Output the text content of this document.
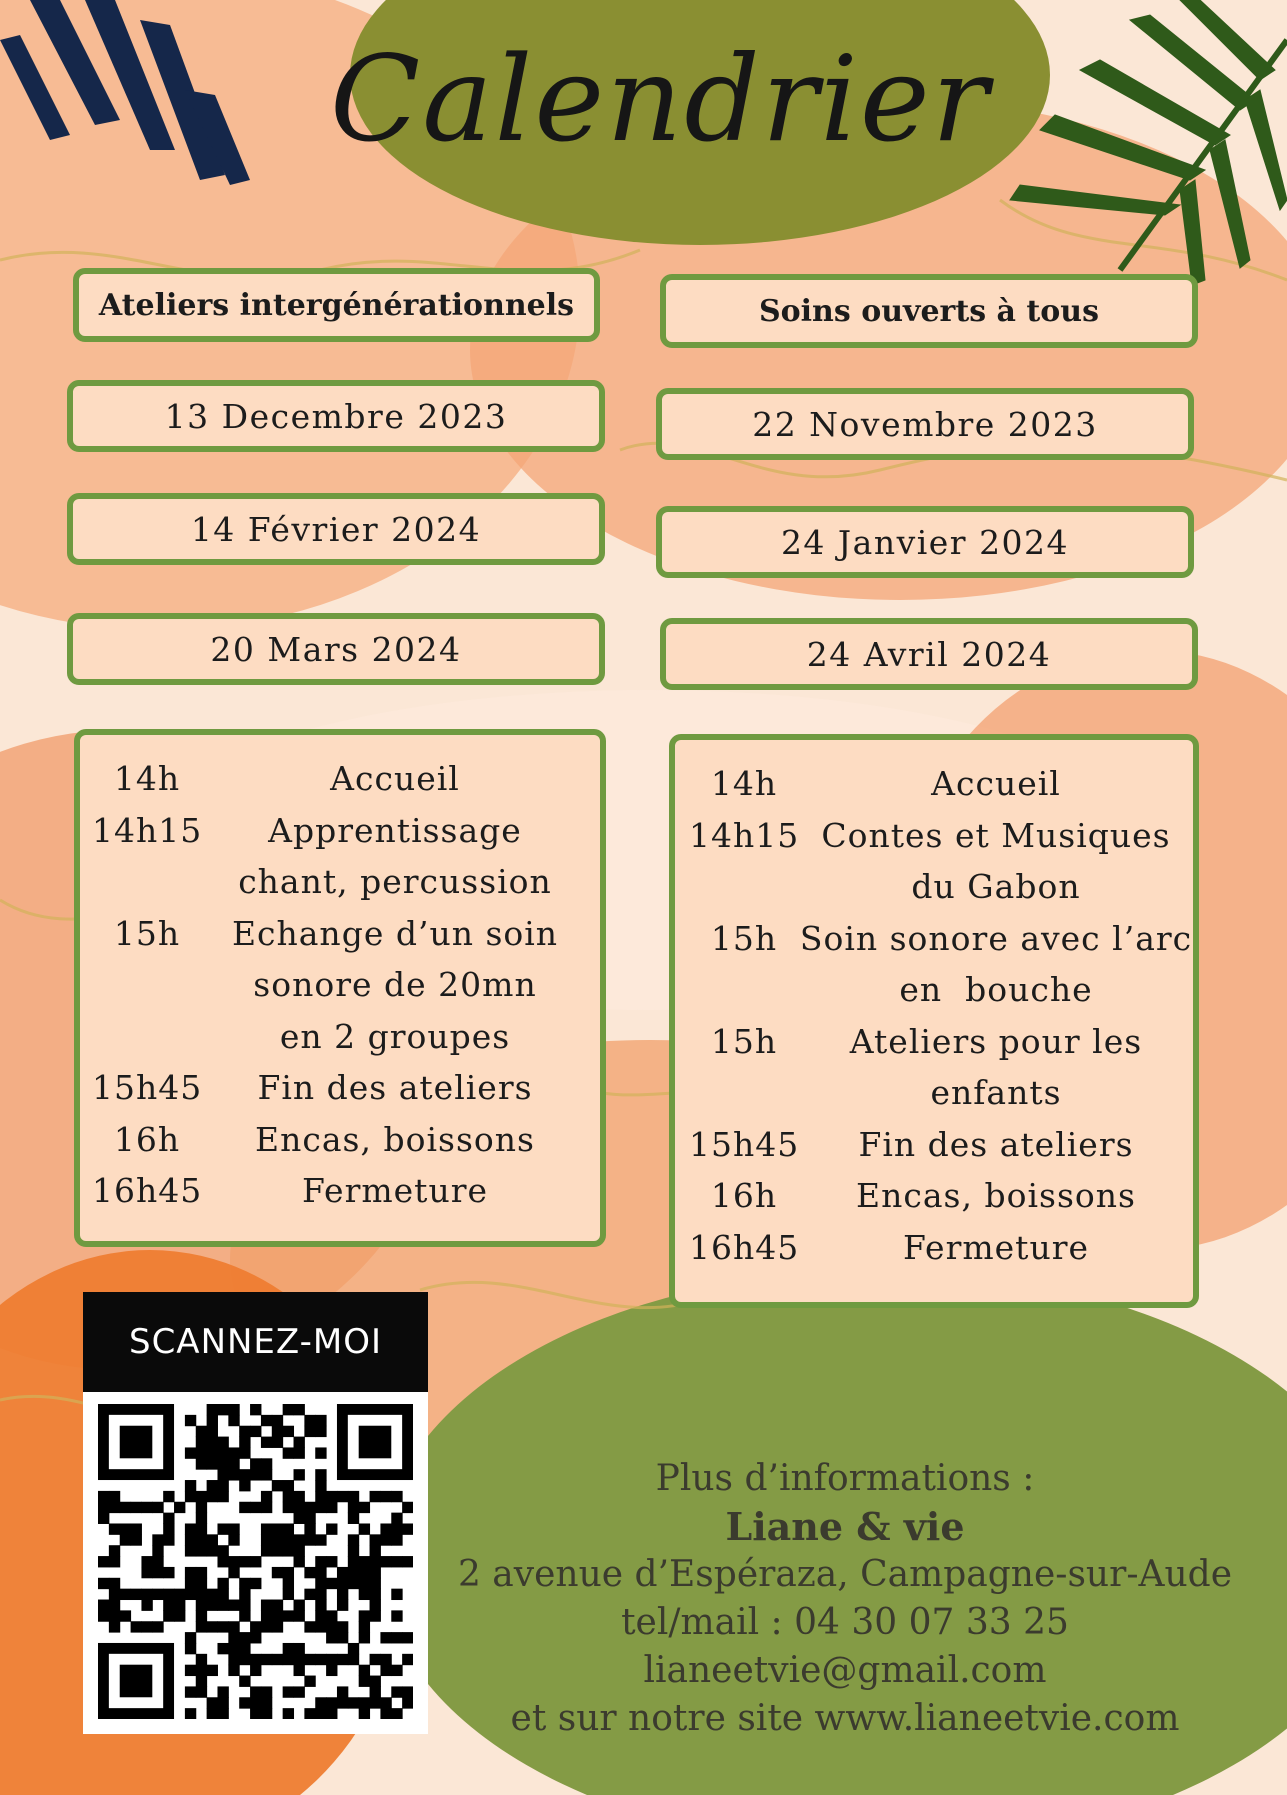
Calendrier
Ateliers intergénérationnels
13 Decembre 2023
14 Février 2024
20 Mars 2024
14h	Accueil
14h15	Apprentissage
chant, percussion
15h	Echange d’un soin
sonore de 20mn
en 2 groupes
15h45	Fin des ateliers
16h	Encas, boissons
16h45	Fermeture
Soins ouverts à tous
22 Novembre 2023
24 Janvier 2024
24 Avril 2024
14h	Accueil
14h15 Contes et Musiques
du Gabon
15h Soin sonore avec l’arc
en  bouche
15h	Ateliers pour les
enfants
15h45	Fin des ateliers
16h	Encas, boissons
16h45	Fermeture
SCANNEZ-MOI
Plus d’informations :
Liane & vie
2 avenue d’Espéraza, Campagne-sur-Aude
tel/mail : 04 30 07 33 25
lianeetvie@gmail.com
et sur notre site www.lianeetvie.com
